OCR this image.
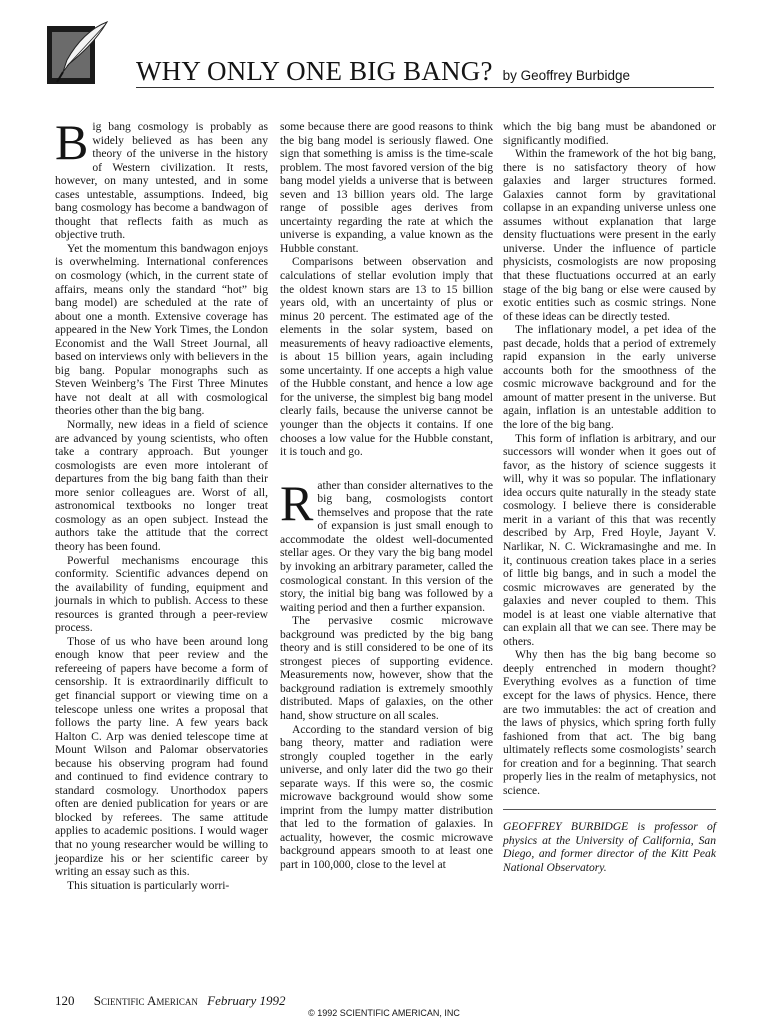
WHY ONLY ONE BIG BANG? by Geoffrey Burbidge

Big bang cosmology is probably as widely believed as has been any theory of the universe in the history of Western civilization. It rests, however, on many untested, and in some cases untestable, assumptions. Indeed, big bang cosmology has become a bandwagon of thought that reflects faith as much as objective truth.

Yet the momentum this bandwagon enjoys is overwhelming. International conferences on cosmology (which, in the current state of affairs, means only the standard “hot” big bang model) are scheduled at the rate of about one a month. Extensive coverage has appeared in the New York Times, the London Economist and the Wall Street Journal, all based on interviews only with believers in the big bang. Popular monographs such as Steven Weinberg’s The First Three Minutes have not dealt at all with cosmological theories other than the big bang.

Normally, new ideas in a field of science are advanced by young scientists, who often take a contrary approach. But younger cosmologists are even more intolerant of departures from the big bang faith than their more senior colleagues are. Worst of all, astronomical textbooks no longer treat cosmology as an open subject. Instead the authors take the attitude that the correct theory has been found.

Powerful mechanisms encourage this conformity. Scientific advances depend on the availability of funding, equipment and journals in which to publish. Access to these resources is granted through a peer-review process.

Those of us who have been around long enough know that peer review and the refereeing of papers have become a form of censorship. It is extraordinarily difficult to get financial support or viewing time on a telescope unless one writes a proposal that follows the party line. A few years back Halton C. Arp was denied telescope time at Mount Wilson and Palomar observatories because his observing program had found and continued to find evidence contrary to standard cosmology. Unorthodox papers often are denied publication for years or are blocked by referees. The same attitude applies to academic positions. I would wager that no young researcher would be willing to jeopardize his or her scientific career by writing an essay such as this.

This situation is particularly worri-

some because there are good reasons to think the big bang model is seriously flawed. One sign that something is amiss is the time-scale problem. The most favored version of the big bang model yields a universe that is between seven and 13 billion years old. The large range of possible ages derives from uncertainty regarding the rate at which the universe is expanding, a value known as the Hubble constant.

Comparisons between observation and calculations of stellar evolution imply that the oldest known stars are 13 to 15 billion years old, with an uncertainty of plus or minus 20 percent. The estimated age of the elements in the solar system, based on measurements of heavy radioactive elements, is about 15 billion years, again including some uncertainty. If one accepts a high value of the Hubble constant, and hence a low age for the universe, the simplest big bang model clearly fails, because the universe cannot be younger than the objects it contains. If one chooses a low value for the Hubble constant, it is touch and go.

Rather than consider alternatives to the big bang, cosmologists contort themselves and propose that the rate of expansion is just small enough to accommodate the oldest well-documented stellar ages. Or they vary the big bang model by invoking an arbitrary parameter, called the cosmological constant. In this version of the story, the initial big bang was followed by a waiting period and then a further expansion.

The pervasive cosmic microwave background was predicted by the big bang theory and is still considered to be one of its strongest pieces of supporting evidence. Measurements now, however, show that the background radiation is extremely smoothly distributed. Maps of galaxies, on the other hand, show structure on all scales.

According to the standard version of big bang theory, matter and radiation were strongly coupled together in the early universe, and only later did the two go their separate ways. If this were so, the cosmic microwave background would show some imprint from the lumpy matter distribution that led to the formation of galaxies. In actuality, however, the cosmic microwave background appears smooth to at least one part in 100,000, close to the level at

which the big bang must be abandoned or significantly modified.

Within the framework of the hot big bang, there is no satisfactory theory of how galaxies and larger structures formed. Galaxies cannot form by gravitational collapse in an expanding universe unless one assumes without explanation that large density fluctuations were present in the early universe. Under the influence of particle physicists, cosmologists are now proposing that these fluctuations occurred at an early stage of the big bang or else were caused by exotic entities such as cosmic strings. None of these ideas can be directly tested.

The inflationary model, a pet idea of the past decade, holds that a period of extremely rapid expansion in the early universe accounts both for the smoothness of the cosmic microwave background and for the amount of matter present in the universe. But again, inflation is an untestable addition to the lore of the big bang.

This form of inflation is arbitrary, and our successors will wonder when it goes out of favor, as the history of science suggests it will, why it was so popular. The inflationary idea occurs quite naturally in the steady state cosmology. I believe there is considerable merit in a variant of this that was recently described by Arp, Fred Hoyle, Jayant V. Narlikar, N. C. Wickramasinghe and me. In it, continuous creation takes place in a series of little big bangs, and in such a model the cosmic microwaves are generated by the galaxies and never coupled to them. This model is at least one viable alternative that can explain all that we can see. There may be others.

Why then has the big bang become so deeply entrenched in modern thought? Everything evolves as a function of time except for the laws of physics. Hence, there are two immutables: the act of creation and the laws of physics, which spring forth fully fashioned from that act. The big bang ultimately reflects some cosmologists’ search for creation and for a beginning. That search properly lies in the realm of metaphysics, not science.

GEOFFREY BURBIDGE is professor of physics at the University of California, San Diego, and former director of the Kitt Peak National Observatory.

120 Scientific American February 1992
© 1992 SCIENTIFIC AMERICAN, INC
